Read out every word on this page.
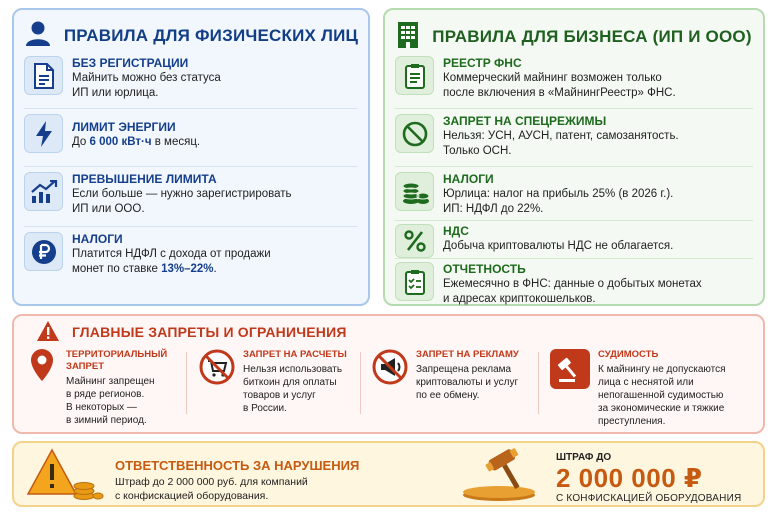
ПРАВИЛА ДЛЯ ФИЗИЧЕСКИХ ЛИЦ
БЕЗ РЕГИСТРАЦИИ
Майнить можно без статуса
ИП или юрлица.
ЛИМИТ ЭНЕРГИИ
До 6 000 кВт·ч в месяц.
ПРЕВЫШЕНИЕ ЛИМИТА
Если больше — нужно зарегистрировать
ИП или ООО.
НАЛОГИ
Платится НДФЛ с дохода от продажи
монет по ставке 13%–22%.
ПРАВИЛА ДЛЯ БИЗНЕСА (ИП И ООО)
РЕЕСТР ФНС
Коммерческий майнинг возможен только
после включения в «МайнингРеестр» ФНС.
ЗАПРЕТ НА СПЕЦРЕЖИМЫ
Нельзя: УСН, АУСН, патент, самозанятость.
Только ОСН.
НАЛОГИ
Юрлица: налог на прибыль 25% (в 2026 г.).
ИП: НДФЛ до 22%.
НДС
Добыча криптовалюты НДС не облагается.
ОТЧЕТНОСТЬ
Ежемесячно в ФНС: данные о добытых монетах
и адресах криптокошельков.
ГЛАВНЫЕ ЗАПРЕТЫ И ОГРАНИЧЕНИЯ
ТЕРРИТОРИАЛЬНЫЙ
ЗАПРЕТ
Майнинг запрещен
в ряде регионов.
В некоторых —
в зимний период.
ЗАПРЕТ НА РАСЧЕТЫ
Нельзя использовать
биткоин для оплаты
товаров и услуг
в России.
ЗАПРЕТ НА РЕКЛАМУ
Запрещена реклама
криптовалюты и услуг
по ее обмену.
СУДИМОСТЬ
К майнингу не допускаются
лица с неснятой или
непогашенной судимостью
за экономические и тяжкие
преступления.
ОТВЕТСТВЕННОСТЬ ЗА НАРУШЕНИЯ
Штраф до 2 000 000 руб. для компаний
с конфискацией оборудования.
ШТРАФ ДО
2 000 000 ₽
С КОНФИСКАЦИЕЙ ОБОРУДОВАНИЯ
